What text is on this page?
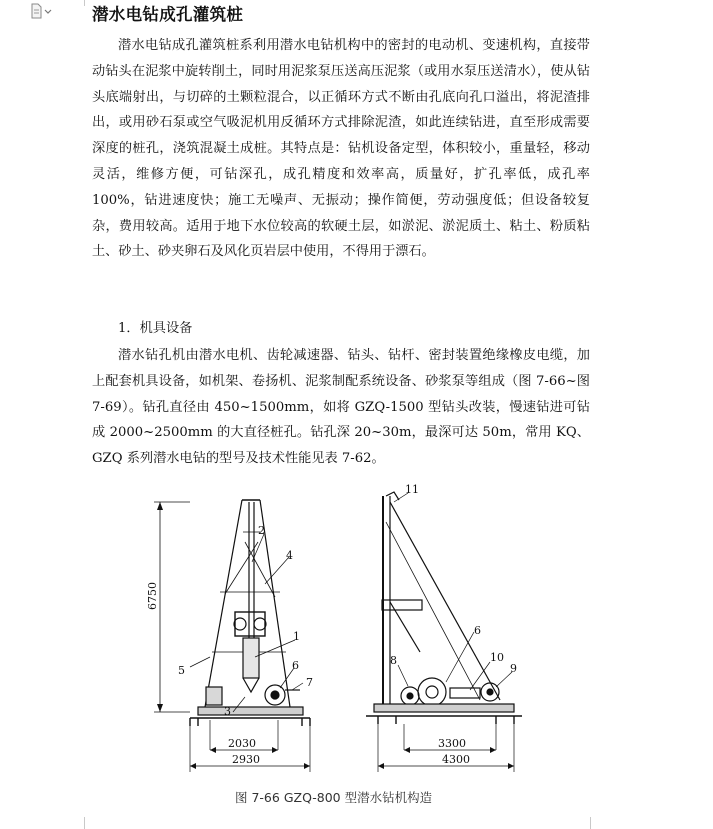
潜水电钻成孔灌筑桩

潜水电钻成孔灌筑桩系利用潜水电钻机构中的密封的电动机、变速机构，直接带动钻头在泥浆中旋转削土，同时用泥浆泵压送高压泥浆（或用水泵压送清水），使从钻头底端射出，与切碎的土颗粒混合，以正循环方式不断由孔底向孔口溢出，将泥渣排出，或用砂石泵或空气吸泥机用反循环方式排除泥渣，如此连续钻进，直至形成需要深度的桩孔，浇筑混凝土成桩。其特点是：钻机设备定型，体积较小，重量轻，移动灵活，维修方便，可钻深孔，成孔精度和效率高，质量好，扩孔率低，成孔率 100%，钻进速度快；施工无噪声、无振动；操作简便，劳动强度低；但设备较复杂，费用较高。适用于地下水位较高的软硬土层，如淤泥、淤泥质土、粘土、粉质粘土、砂土、砂夹卵石及风化页岩层中使用，不得用于漂石。

1．机具设备

潜水钻孔机由潜水电机、齿轮减速器、钻头、钻杆、密封装置绝缘橡皮电缆，加上配套机具设备，如机架、卷扬机、泥浆制配系统设备、砂浆泵等组成（图 7-66~图 7-69）。钻孔直径由 450~1500mm，如将 GZQ-1500 型钻头改装，慢速钻进可钻成 2000~2500mm 的大直径桩孔。钻孔深 20~30m，最深可达 50m，常用 KQ、GZQ 系列潜水电钻的型号及技术性能见表 7-62。

6750
2030
2930
2
4
1
5	6
7
3
3300
4300
11
6
8	10
9
图 7-66 GZQ-800 型潜水钻机构造
